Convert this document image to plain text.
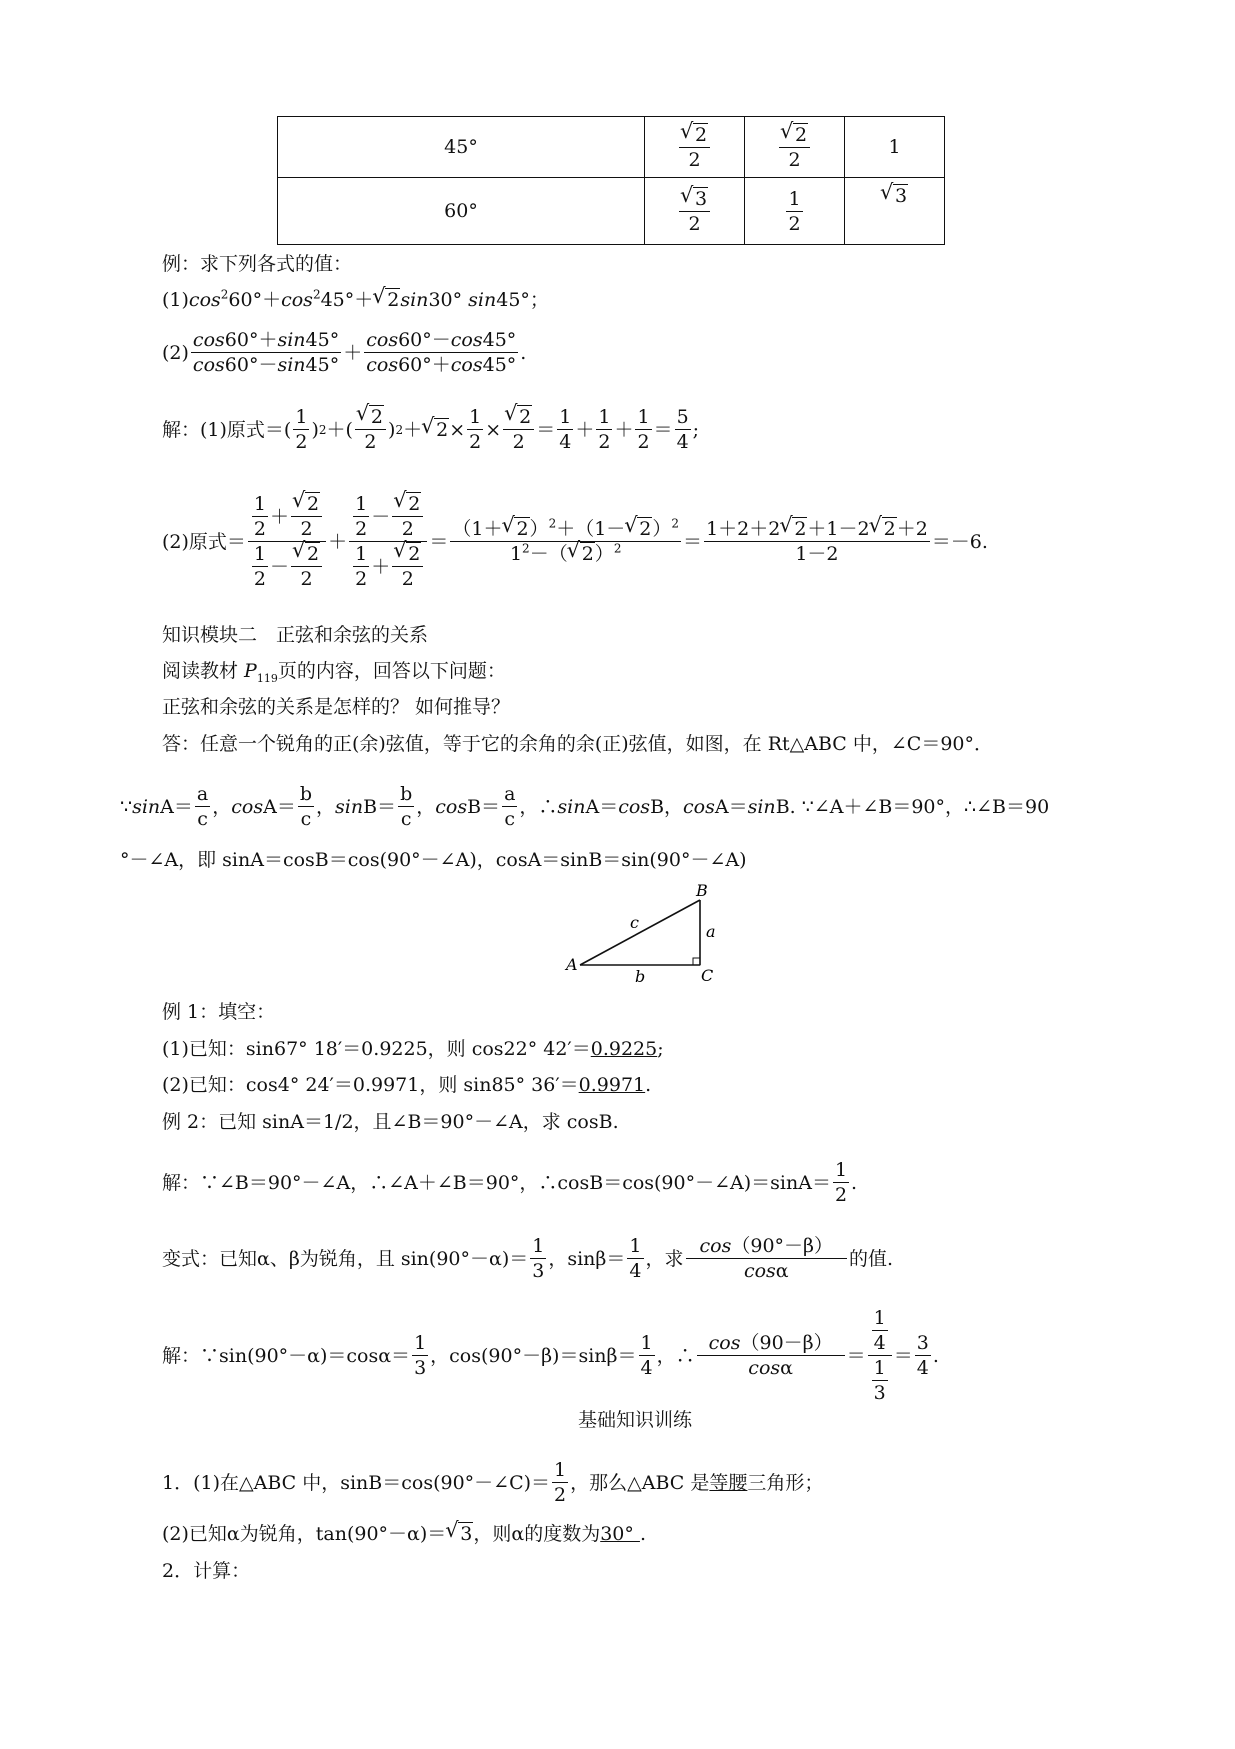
45°	√ $\frac{2}{2}$	√ $\frac{2}{2}$	1
60°	√ $\frac{3}{2}$	$\frac{1}{2}$	√ 3
例：求下列各式的值：
$(1)\cos^260^\circ+\cos^245^\circ+$ √ 2sin30° sin45°；
$(2) \frac{\cos 60^\circ+\sin 45^\circ}{\cos 60^\circ-\sin 45^\circ} + \frac{\cos 60^\circ-\cos 45^\circ}{\cos 60^\circ+\cos 45^\circ}$ .
解：(1)原式＝ ( $\frac{1}{2}$ ) 2 ＋( √ $\frac{2}{2}$ ) 2 ＋ √ $2 \times \frac{1}{2}$ × √ $\frac{2}{2} = \frac{1}{4} + \frac{1}{2} + \frac{1}{2} = \frac{5}{4}$ ;
(2)原式＝ $\frac{\frac{1}{2} + √ \frac{2}{2}}{\frac{1}{2} - √ \frac{2}{2}} + \frac{\frac{1}{2} - √ \frac{2}{2}}{\frac{1}{2} + √ \frac{2}{2}} = \frac{(1+ √ 2)^2+(1- √ 2)^2}{1^2-( √ 2)^2} = \frac{1+2+2 √ 2+1-2 √ 2+2}{1-2} =-6$.
知识模块二　正弦和余弦的关系
阅读教材 $P_{119}$页的内容，回答以下问题：
正弦和余弦的关系是怎样的？ 如何推导？
答：任意一个锐角的正(余)弦值，等于它的余角的余(正)弦值，如图，在 Rt△ABC 中，∠C＝90°．
∵ $\sin A= \frac{a}{c}$ ， $\cos A= \frac{b}{c}$ ， $\sin B= \frac{b}{c}$ ， $\cos B= \frac{a}{c}$ ，∴ sin A＝ cos B， cos A＝ sin B. ∵∠A＋∠B＝90°，∴∠B＝90
°－∠A，即 sinA＝cosB＝cos(90°－∠A)，cosA＝sinB＝sin(90°－∠A)
A
B
C
a
b
c
例 1：填空：
(1)已知：sin67° 18′＝0.9225，则 cos22° 42′＝0.9225;
(2)已知：cos4° 24′＝0.9971，则 sin85° 36′＝0.9971.
例 2：已知 sinA＝1/2，且∠B＝90°－∠A，求 cosB.
解：∵∠B＝90°－∠A，∴∠A＋∠B＝90°，∴cosB＝cos(90°－∠A)＝sinA＝ $\frac{1}{2}$ .
变式：已知α、β为锐角，且 $\sin(90^\circ-\alpha)= \frac{1}{3}$ ，$\sin\beta= \frac{1}{4}$ ，求 $\frac{\cos(90^\circ-\beta)}{\cos\alpha}$ 的值.
解：∵sin(90°－α)＝cosα＝ $\frac{1}{3}$ ，$\cos(90^\circ-\beta)=\sin\beta= \frac{1}{4}$ ，∴ $\frac{\cos(90-\beta)}{\cos\alpha} = \frac{\frac{1}{4}}{\frac{1}{3}} = \frac{3}{4}$ .
基础知识训练
1．(1)在△ABC 中，sinB＝cos(90°－∠C)＝ $\frac{1}{2}$ ，那么△ABC 是 等腰 三角形；
(2)已知α为锐角，tan(90°－α)＝ √ 3，则α的度数为30° .
2．计算：
